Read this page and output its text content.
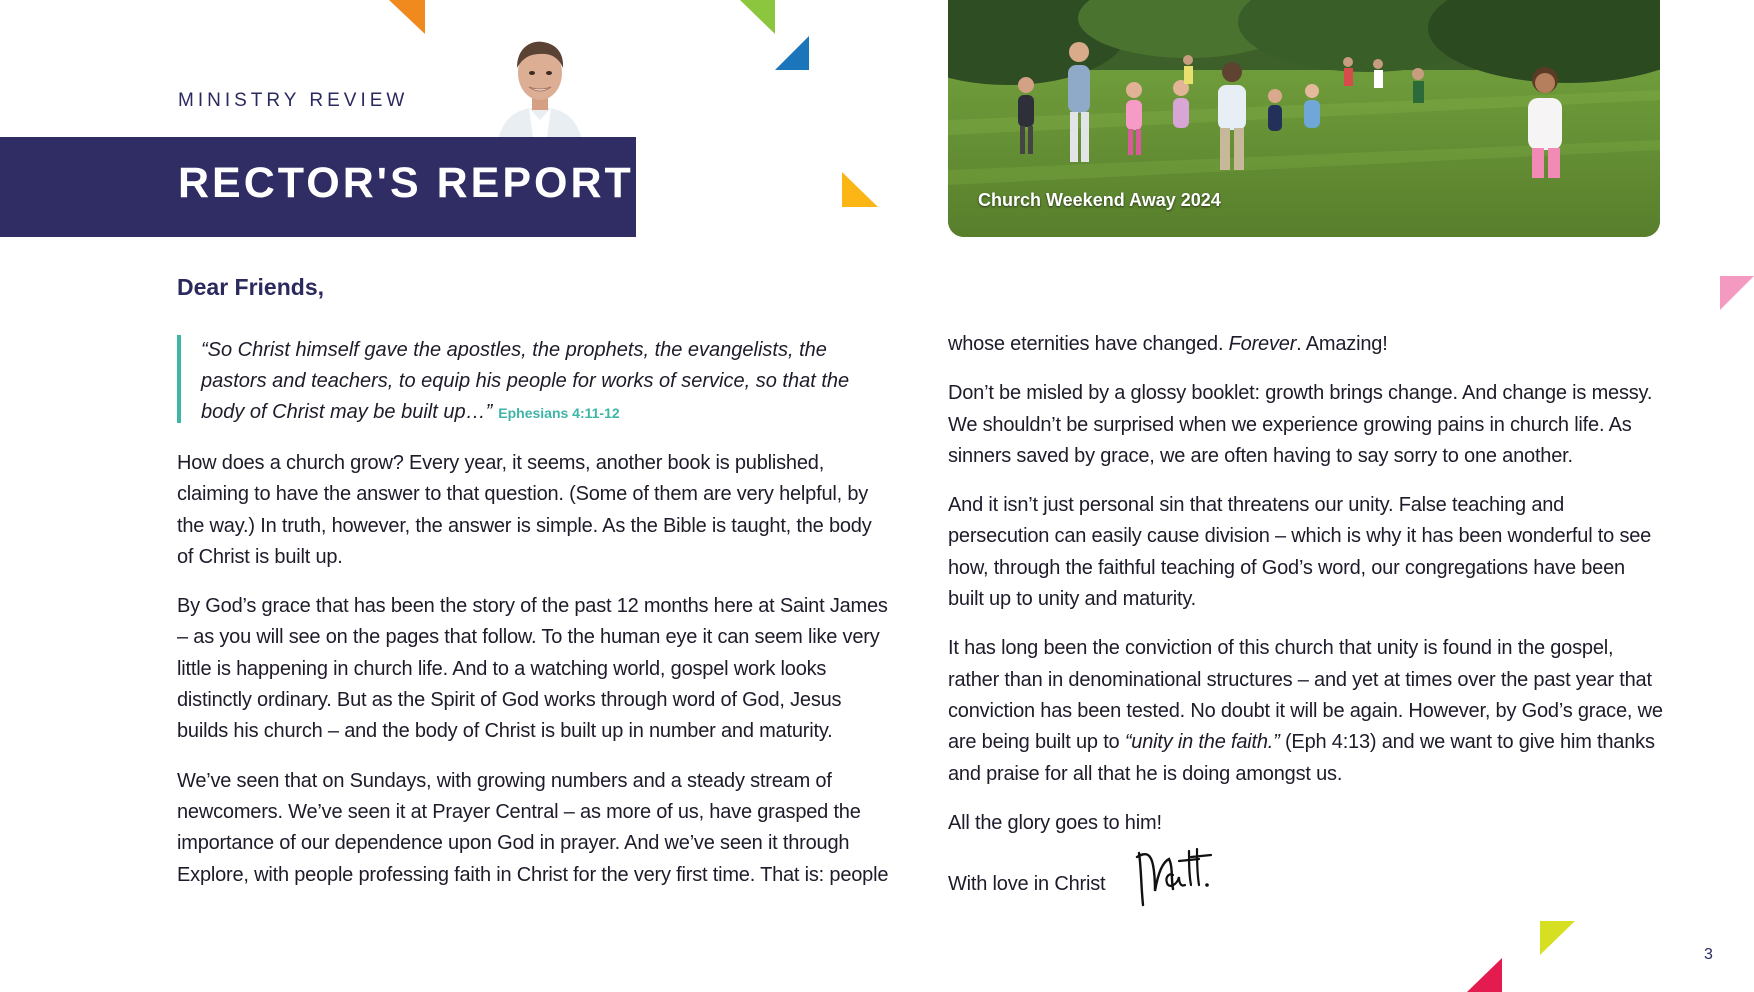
MINISTRY REVIEW
RECTOR'S REPORT	Church Weekend Away 2024
Dear Friends,
“So Christ himself gave the apostles, the prophets, the evangelists, the pastors and teachers, to equip his people for works of service, so that the body of Christ may be built up…” Ephesians 4:11-12

How does a church grow? Every year, it seems, another book is published, claiming to have the answer to that question. (Some of them are very helpful, by the way.) In truth, however, the answer is simple. As the Bible is taught, the body of Christ is built up.

By God’s grace that has been the story of the past 12 months here at Saint James – as you will see on the pages that follow. To the human eye it can seem like very little is happening in church life. And to a watching world, gospel work looks distinctly ordinary. But as the Spirit of God works through word of God, Jesus builds his church – and the body of Christ is built up in number and maturity.

We’ve seen that on Sundays, with growing numbers and a steady stream of newcomers. We’ve seen it at Prayer Central – as more of us, have grasped the importance of our dependence upon God in prayer. And we’ve seen it through Explore, with people professing faith in Christ for the very first time. That is: people

whose eternities have changed. Forever. Amazing!

Don’t be misled by a glossy booklet: growth brings change. And change is messy. We shouldn’t be surprised when we experience growing pains in church life. As sinners saved by grace, we are often having to say sorry to one another.

And it isn’t just personal sin that threatens our unity. False teaching and persecution can easily cause division – which is why it has been wonderful to see how, through the faithful teaching of God’s word, our congregations have been built up to unity and maturity.

It has long been the conviction of this church that unity is found in the gospel, rather than in denominational structures – and yet at times over the past year that conviction has been tested. No doubt it will be again. However, by God’s grace, we are being built up to “unity in the faith.” (Eph 4:13) and we want to give him thanks and praise for all that he is doing amongst us.

All the glory goes to him!

With love in Christ
3
